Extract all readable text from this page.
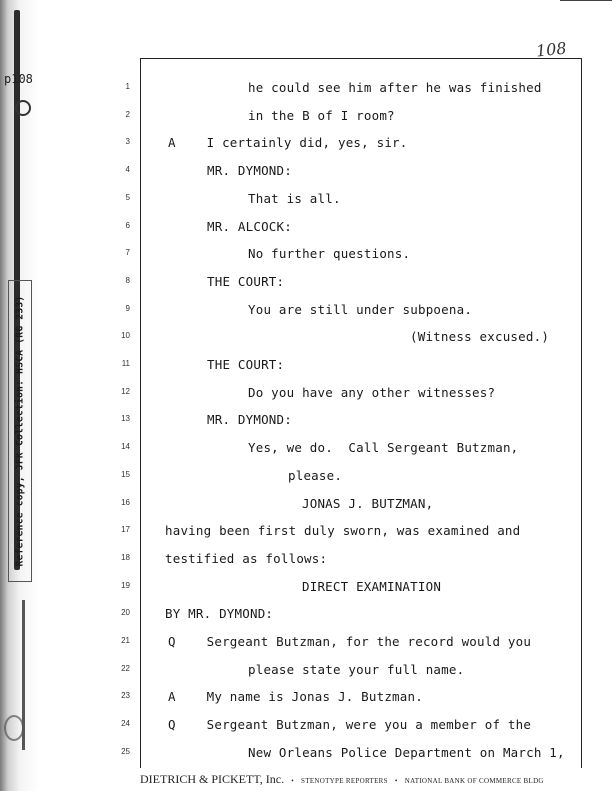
p108
Reference copy, JFK Collection: HSCA (RG 233)
108
1	he could see him after he was finished
2	in the B of I room?
3	A    I certainly did, yes, sir.
4	MR. DYMOND:
5	That is all.
6	MR. ALCOCK:
7	No further questions.
8	THE COURT:
9	You are still under subpoena.
10	(Witness excused.)
11	THE COURT:
12	Do you have any other witnesses?
13	MR. DYMOND:
14	Yes, we do.  Call Sergeant Butzman,
15	please.
16	JONAS J. BUTZMAN,
17	having been first duly sworn, was examined and
18	testified as follows:
19	DIRECT EXAMINATION
20	BY MR. DYMOND:
21	Q    Sergeant Butzman, for the record would you
22	please state your full name.
23	A    My name is Jonas J. Butzman.
24	Q    Sergeant Butzman, were you a member of the
25	New Orleans Police Department on March 1,
DIETRICH & PICKETT, Inc.   •   STENOTYPE REPORTERS   •   NATIONAL BANK OF COMMERCE BLDG
